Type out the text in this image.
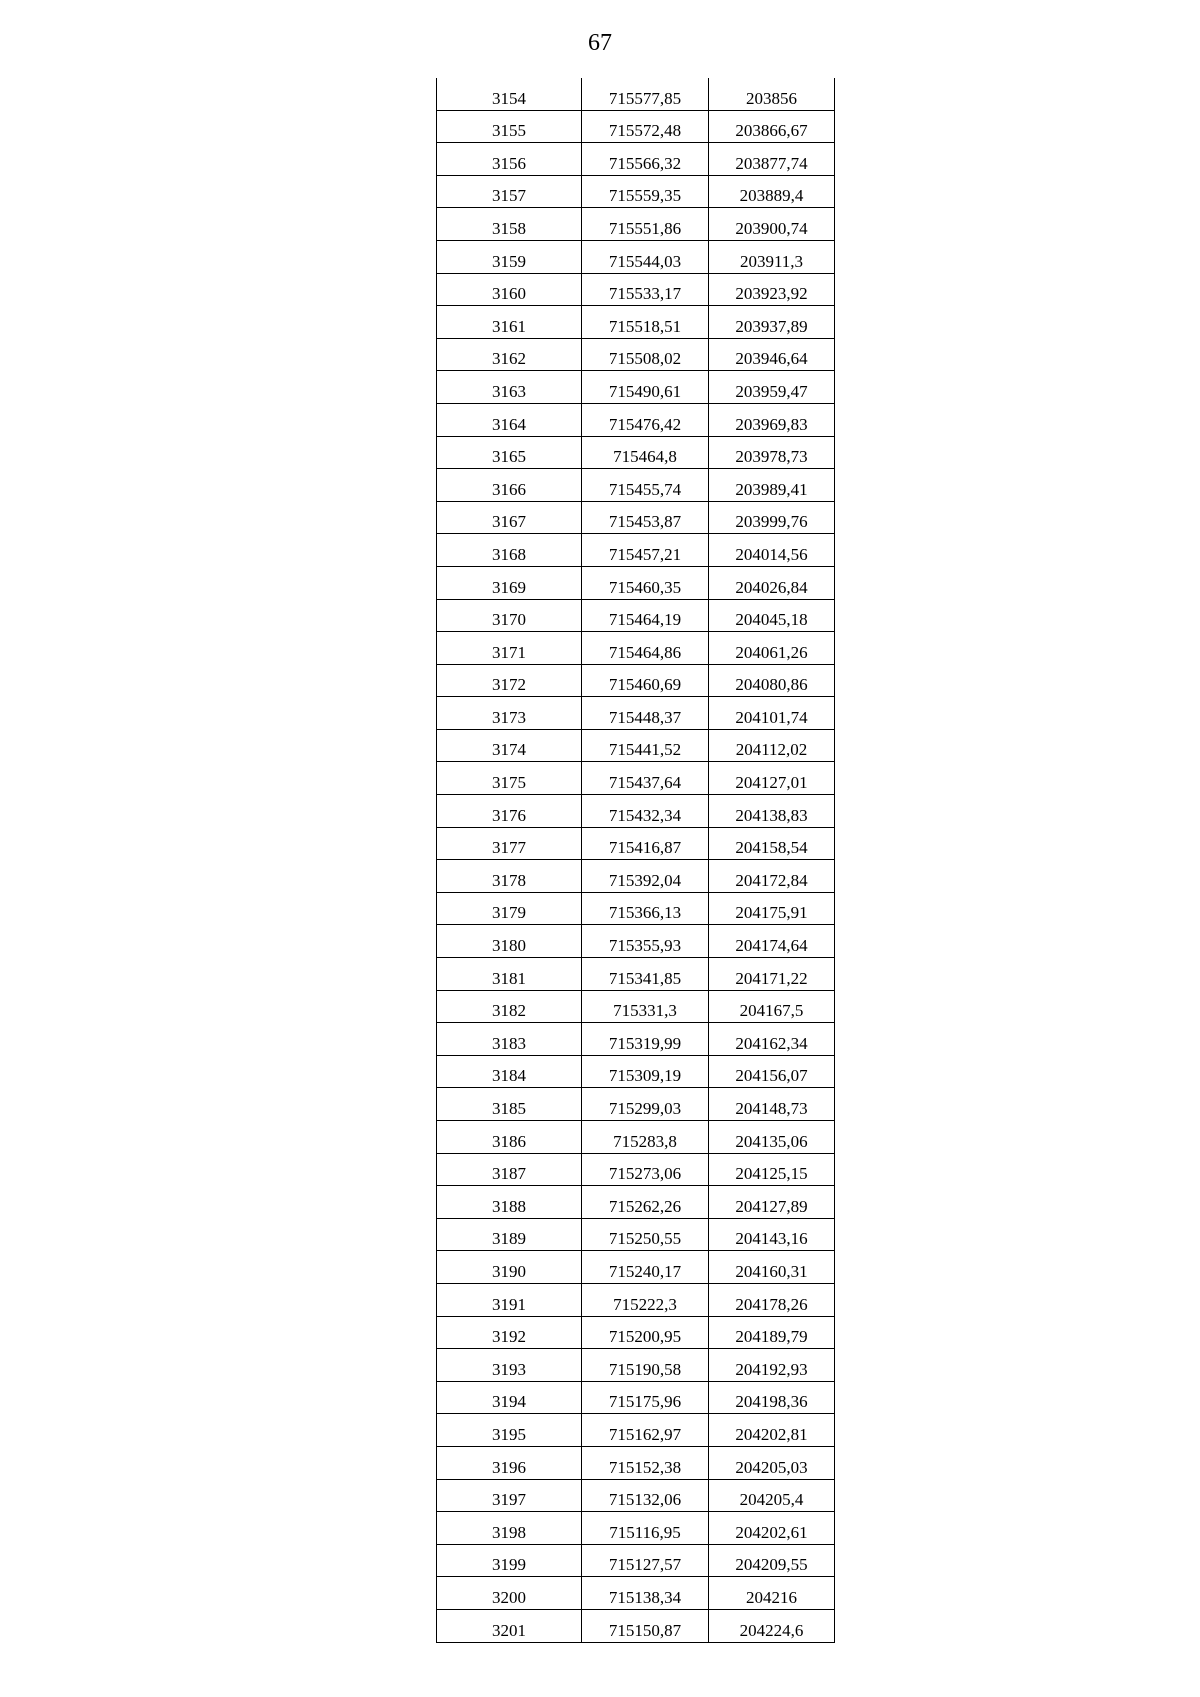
67
3154	715577,85	203856
3155	715572,48	203866,67
3156	715566,32	203877,74
3157	715559,35	203889,4
3158	715551,86	203900,74
3159	715544,03	203911,3
3160	715533,17	203923,92
3161	715518,51	203937,89
3162	715508,02	203946,64
3163	715490,61	203959,47
3164	715476,42	203969,83
3165	715464,8	203978,73
3166	715455,74	203989,41
3167	715453,87	203999,76
3168	715457,21	204014,56
3169	715460,35	204026,84
3170	715464,19	204045,18
3171	715464,86	204061,26
3172	715460,69	204080,86
3173	715448,37	204101,74
3174	715441,52	204112,02
3175	715437,64	204127,01
3176	715432,34	204138,83
3177	715416,87	204158,54
3178	715392,04	204172,84
3179	715366,13	204175,91
3180	715355,93	204174,64
3181	715341,85	204171,22
3182	715331,3	204167,5
3183	715319,99	204162,34
3184	715309,19	204156,07
3185	715299,03	204148,73
3186	715283,8	204135,06
3187	715273,06	204125,15
3188	715262,26	204127,89
3189	715250,55	204143,16
3190	715240,17	204160,31
3191	715222,3	204178,26
3192	715200,95	204189,79
3193	715190,58	204192,93
3194	715175,96	204198,36
3195	715162,97	204202,81
3196	715152,38	204205,03
3197	715132,06	204205,4
3198	715116,95	204202,61
3199	715127,57	204209,55
3200	715138,34	204216
3201	715150,87	204224,6
